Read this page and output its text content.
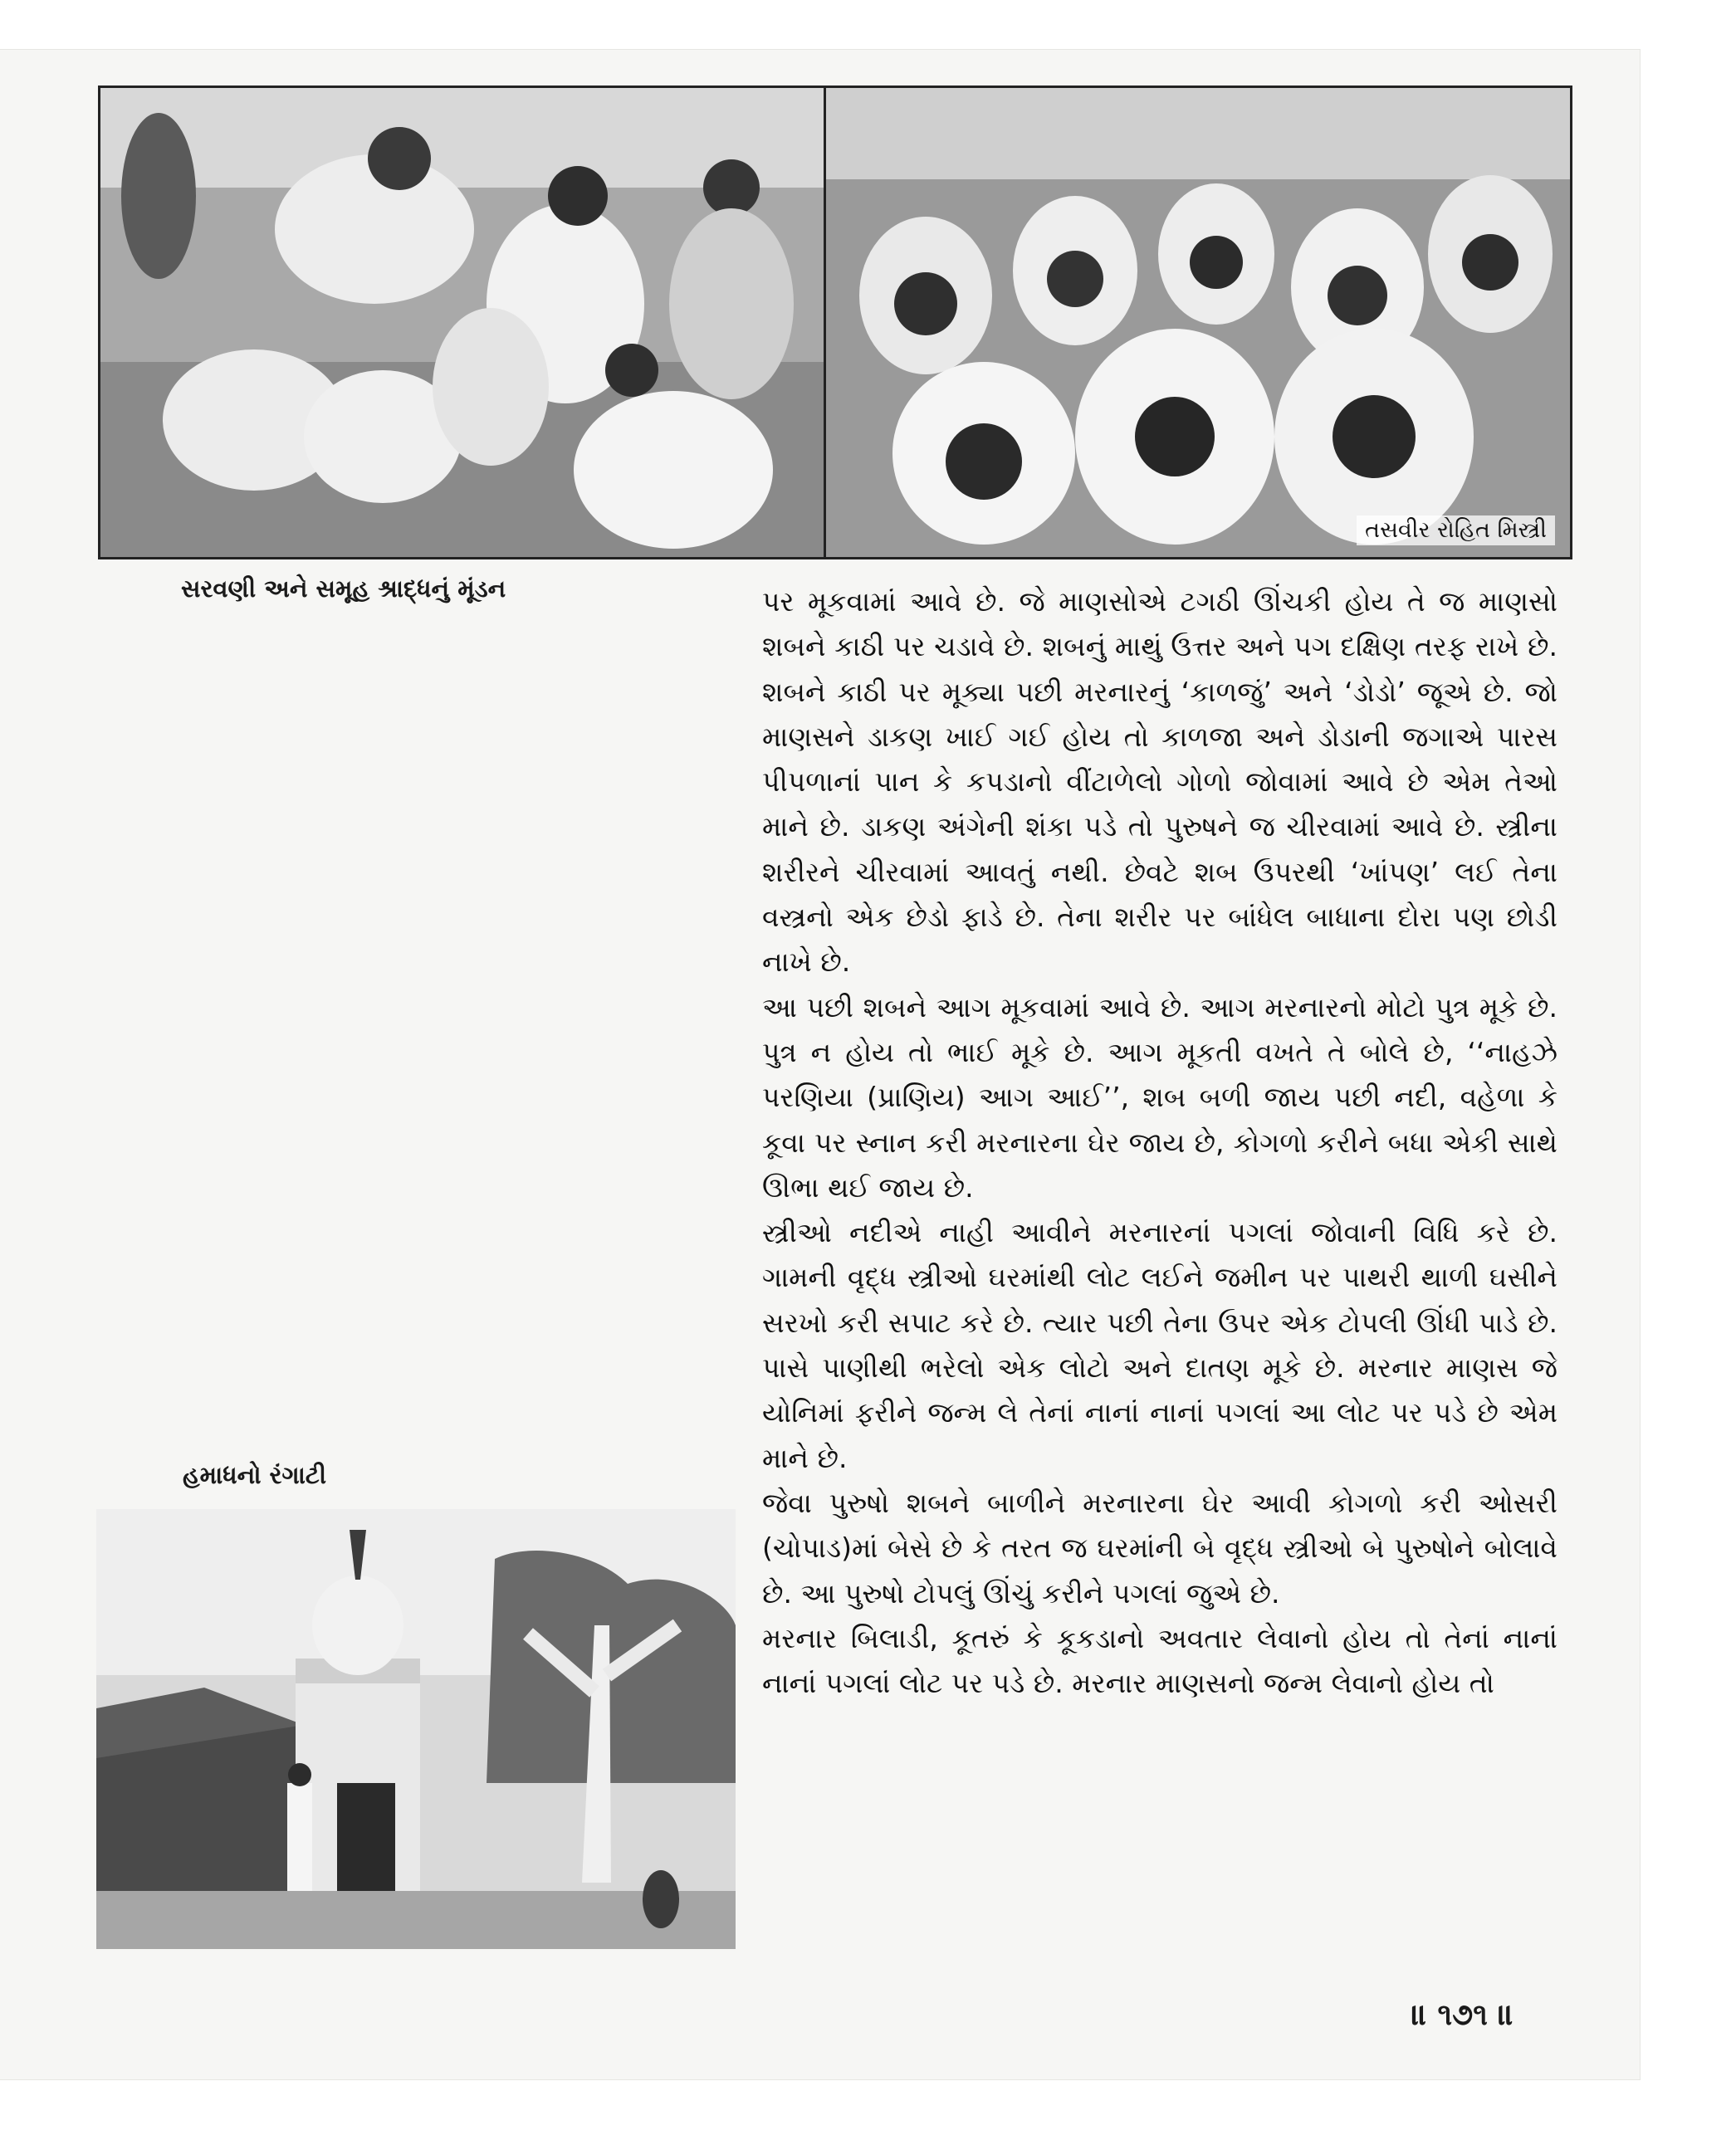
તસવીર રોહિત મિસ્ત્રી
સરવણી અને સમૂહ શ્રાદ્ધનું મૂંડન	પર મૂકવામાં આવે છે. જે માણસોએ ટગઠી ઊંચકી હોય તે જ માણસો શબને કાઠી પર ચડાવે છે. શબનું માથું ઉત્તર અને પગ દક્ષિણ તરફ રાખે છે. શબને કાઠી પર મૂક્યા પછી મરનારનું ‘કાળજું’ અને ‘ડોડો’ જૂએ છે. જો માણસને ડાકણ ખાઈ ગઈ હોય તો કાળજા અને ડોડાની જગાએ પારસ પીપળાનાં પાન કે કપડાનો વીંટાળેલો ગોળો જોવામાં આવે છે એમ તેઓ માને છે. ડાકણ અંગેની શંકા પડે તો પુરુષને જ ચીરવામાં આવે છે. સ્ત્રીના શરીરને ચીરવામાં આવતું નથી. છેવટે શબ ઉપરથી ‘ખાંપણ’ લઈ તેના વસ્ત્રનો એક છેડો ફાડે છે. તેના શરીર પર બાંધેલ બાધાના દોરા પણ છોડી નાખે છે.

આ પછી શબને આગ મૂકવામાં આવે છે. આગ મરનારનો મોટો પુત્ર મૂકે છે. પુત્ર ન હોય તો ભાઈ મૂકે છે. આગ મૂકતી વખતે તે બોલે છે, ‘‘નાહઝે પરણિયા (પ્રાણિય) આગ આઈ’’, શબ બળી જાય પછી નદી, વહેળા કે કૂવા પર સ્નાન કરી મરનારના ઘેર જાય છે, કોગળો કરીને બધા એકી સાથે ઊભા થઈ જાય છે.

સ્ત્રીઓ નદીએ નાહી આવીને મરનારનાં પગલાં જોવાની વિધિ કરે છે. ગામની વૃદ્ધ સ્ત્રીઓ ઘરમાંથી લોટ લઈને જમીન પર પાથરી થાળી ઘસીને સરખો કરી સપાટ કરે છે. ત્યાર પછી તેના ઉપર એક ટોપલી ઊંધી પાડે છે. પાસે પાણીથી ભરેલો એક લોટો અને દાતણ મૂકે છે. મરનાર માણસ જે યોનિમાં ફરીને જન્મ લે તેનાં નાનાં નાનાં પગલાં આ લોટ પર પડે છે એમ માને છે.

જેવા પુરુષો શબને બાળીને મરનારના ઘેર આવી કોગળો કરી ઓસરી (ચોપાડ)માં બેસે છે કે તરત જ ઘરમાંની બે વૃદ્ધ સ્ત્રીઓ બે પુરુષોને બોલાવે છે. આ પુરુષો ટોપલું ઊંચું કરીને પગલાં જુએ છે.

મરનાર બિલાડી, કૂતરું કે કૂકડાનો અવતાર લેવાનો હોય તો તેનાં નાનાં નાનાં પગલાં લોટ પર પડે છે. મરનાર માણસનો જન્મ લેવાનો હોય તો

હમાધનો રંગાટી
॥ ૧૭૧ ॥
